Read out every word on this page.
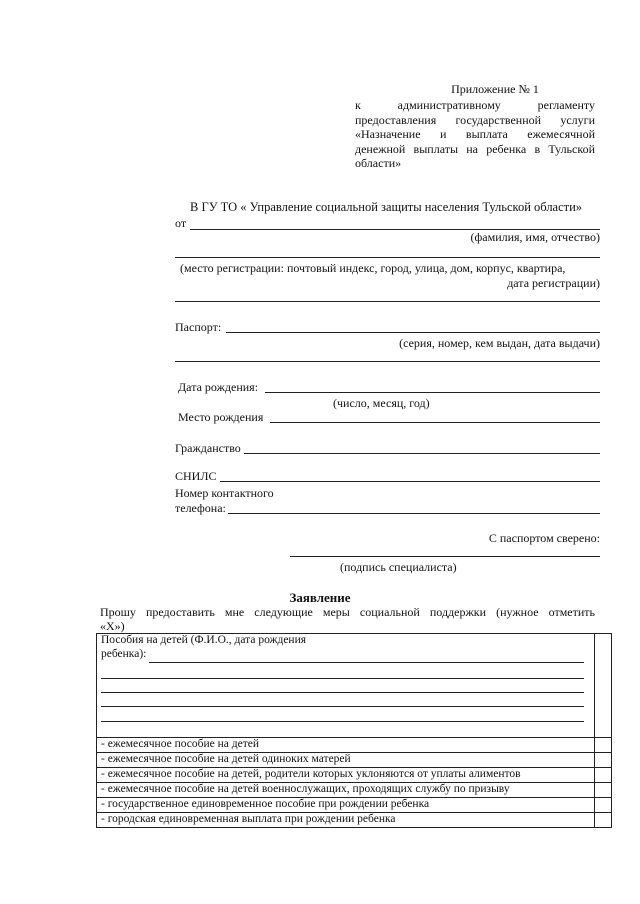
Приложение № 1
к административному регламенту
предоставления государственной услуги
«Назначение и выплата ежемесячной
денежной выплаты на ребенка в Тульской
области»
В ГУ ТО « Управление социальной защиты населения Тульской области»
от
(фамилия, имя, отчество)
(место регистрации: почтовый индекс, город, улица, дом, корпус, квартира,
дата регистрации)
Паспорт:
(серия, номер, кем выдан, дата выдачи)
Дата рождения:
(число, месяц, год)
Место рождения
Гражданство
СНИЛС
Номер контактного
телефона:
С паспортом сверено:
(подпись специалиста)
Заявление
Прошу предоставить мне следующие меры социальной поддержки (нужное отметить
«Х»)
Пособия на детей (Ф.И.О., дата рождения
ребенка):	

- ежемесячное пособие на детей	
- ежемесячное пособие на детей одиноких матерей	
- ежемесячное пособие на детей, родители которых уклоняются от уплаты алиментов	
- ежемесячное пособие на детей военнослужащих, проходящих службу по призыву	
- государственное единовременное пособие при рождении ребенка	
- городская единовременная выплата при рождении ребенка	
